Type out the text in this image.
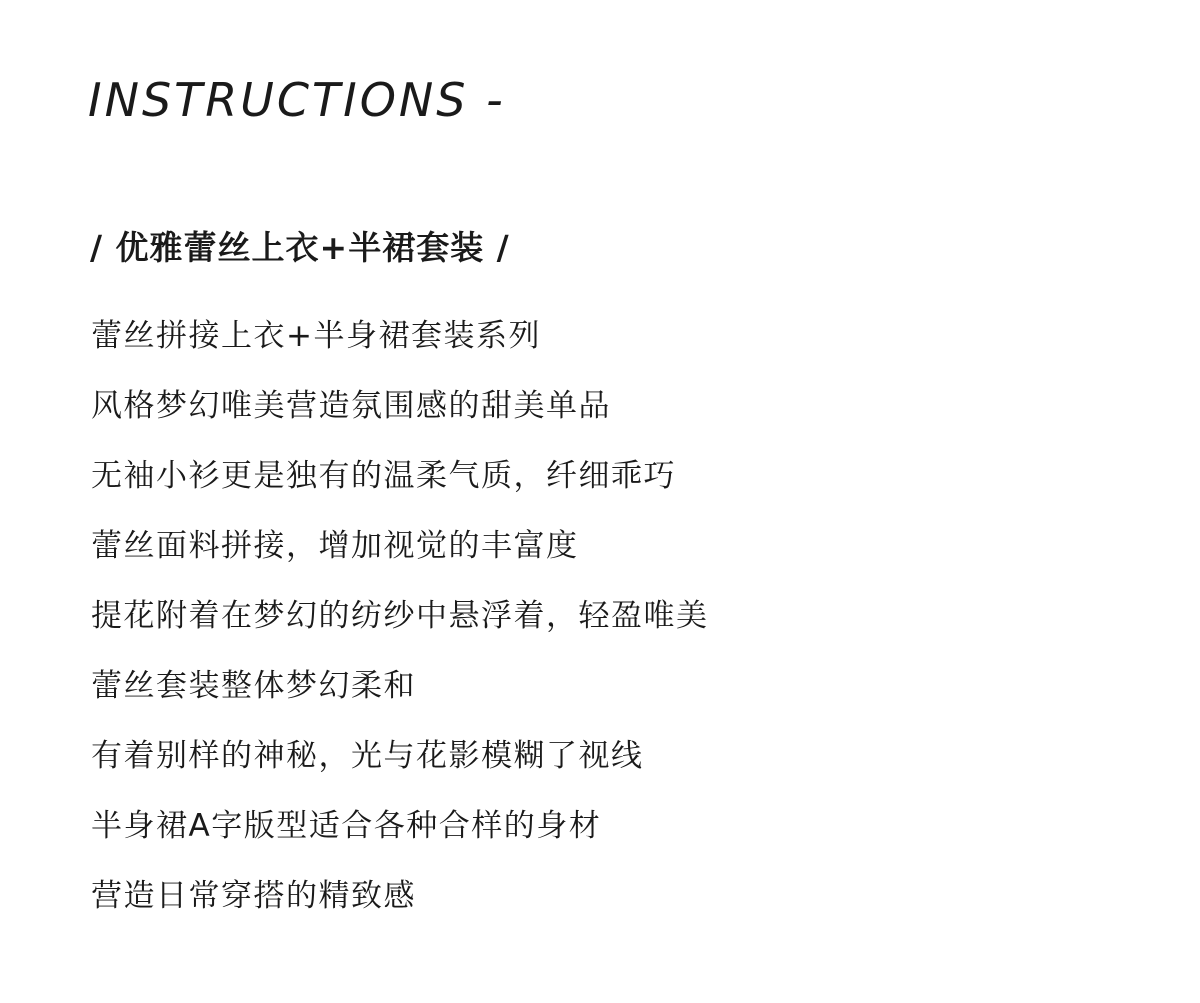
INSTRUCTIONS -
/ 优雅蕾丝上衣+半裙套装 /
蕾丝拼接上衣+半身裙套装系列
风格梦幻唯美营造氛围感的甜美单品
无袖小衫更是独有的温柔气质，纤细乖巧
蕾丝面料拼接，增加视觉的丰富度
提花附着在梦幻的纺纱中悬浮着，轻盈唯美
蕾丝套装整体梦幻柔和
有着别样的神秘，光与花影模糊了视线
半身裙A字版型适合各种合样的身材
营造日常穿搭的精致感
